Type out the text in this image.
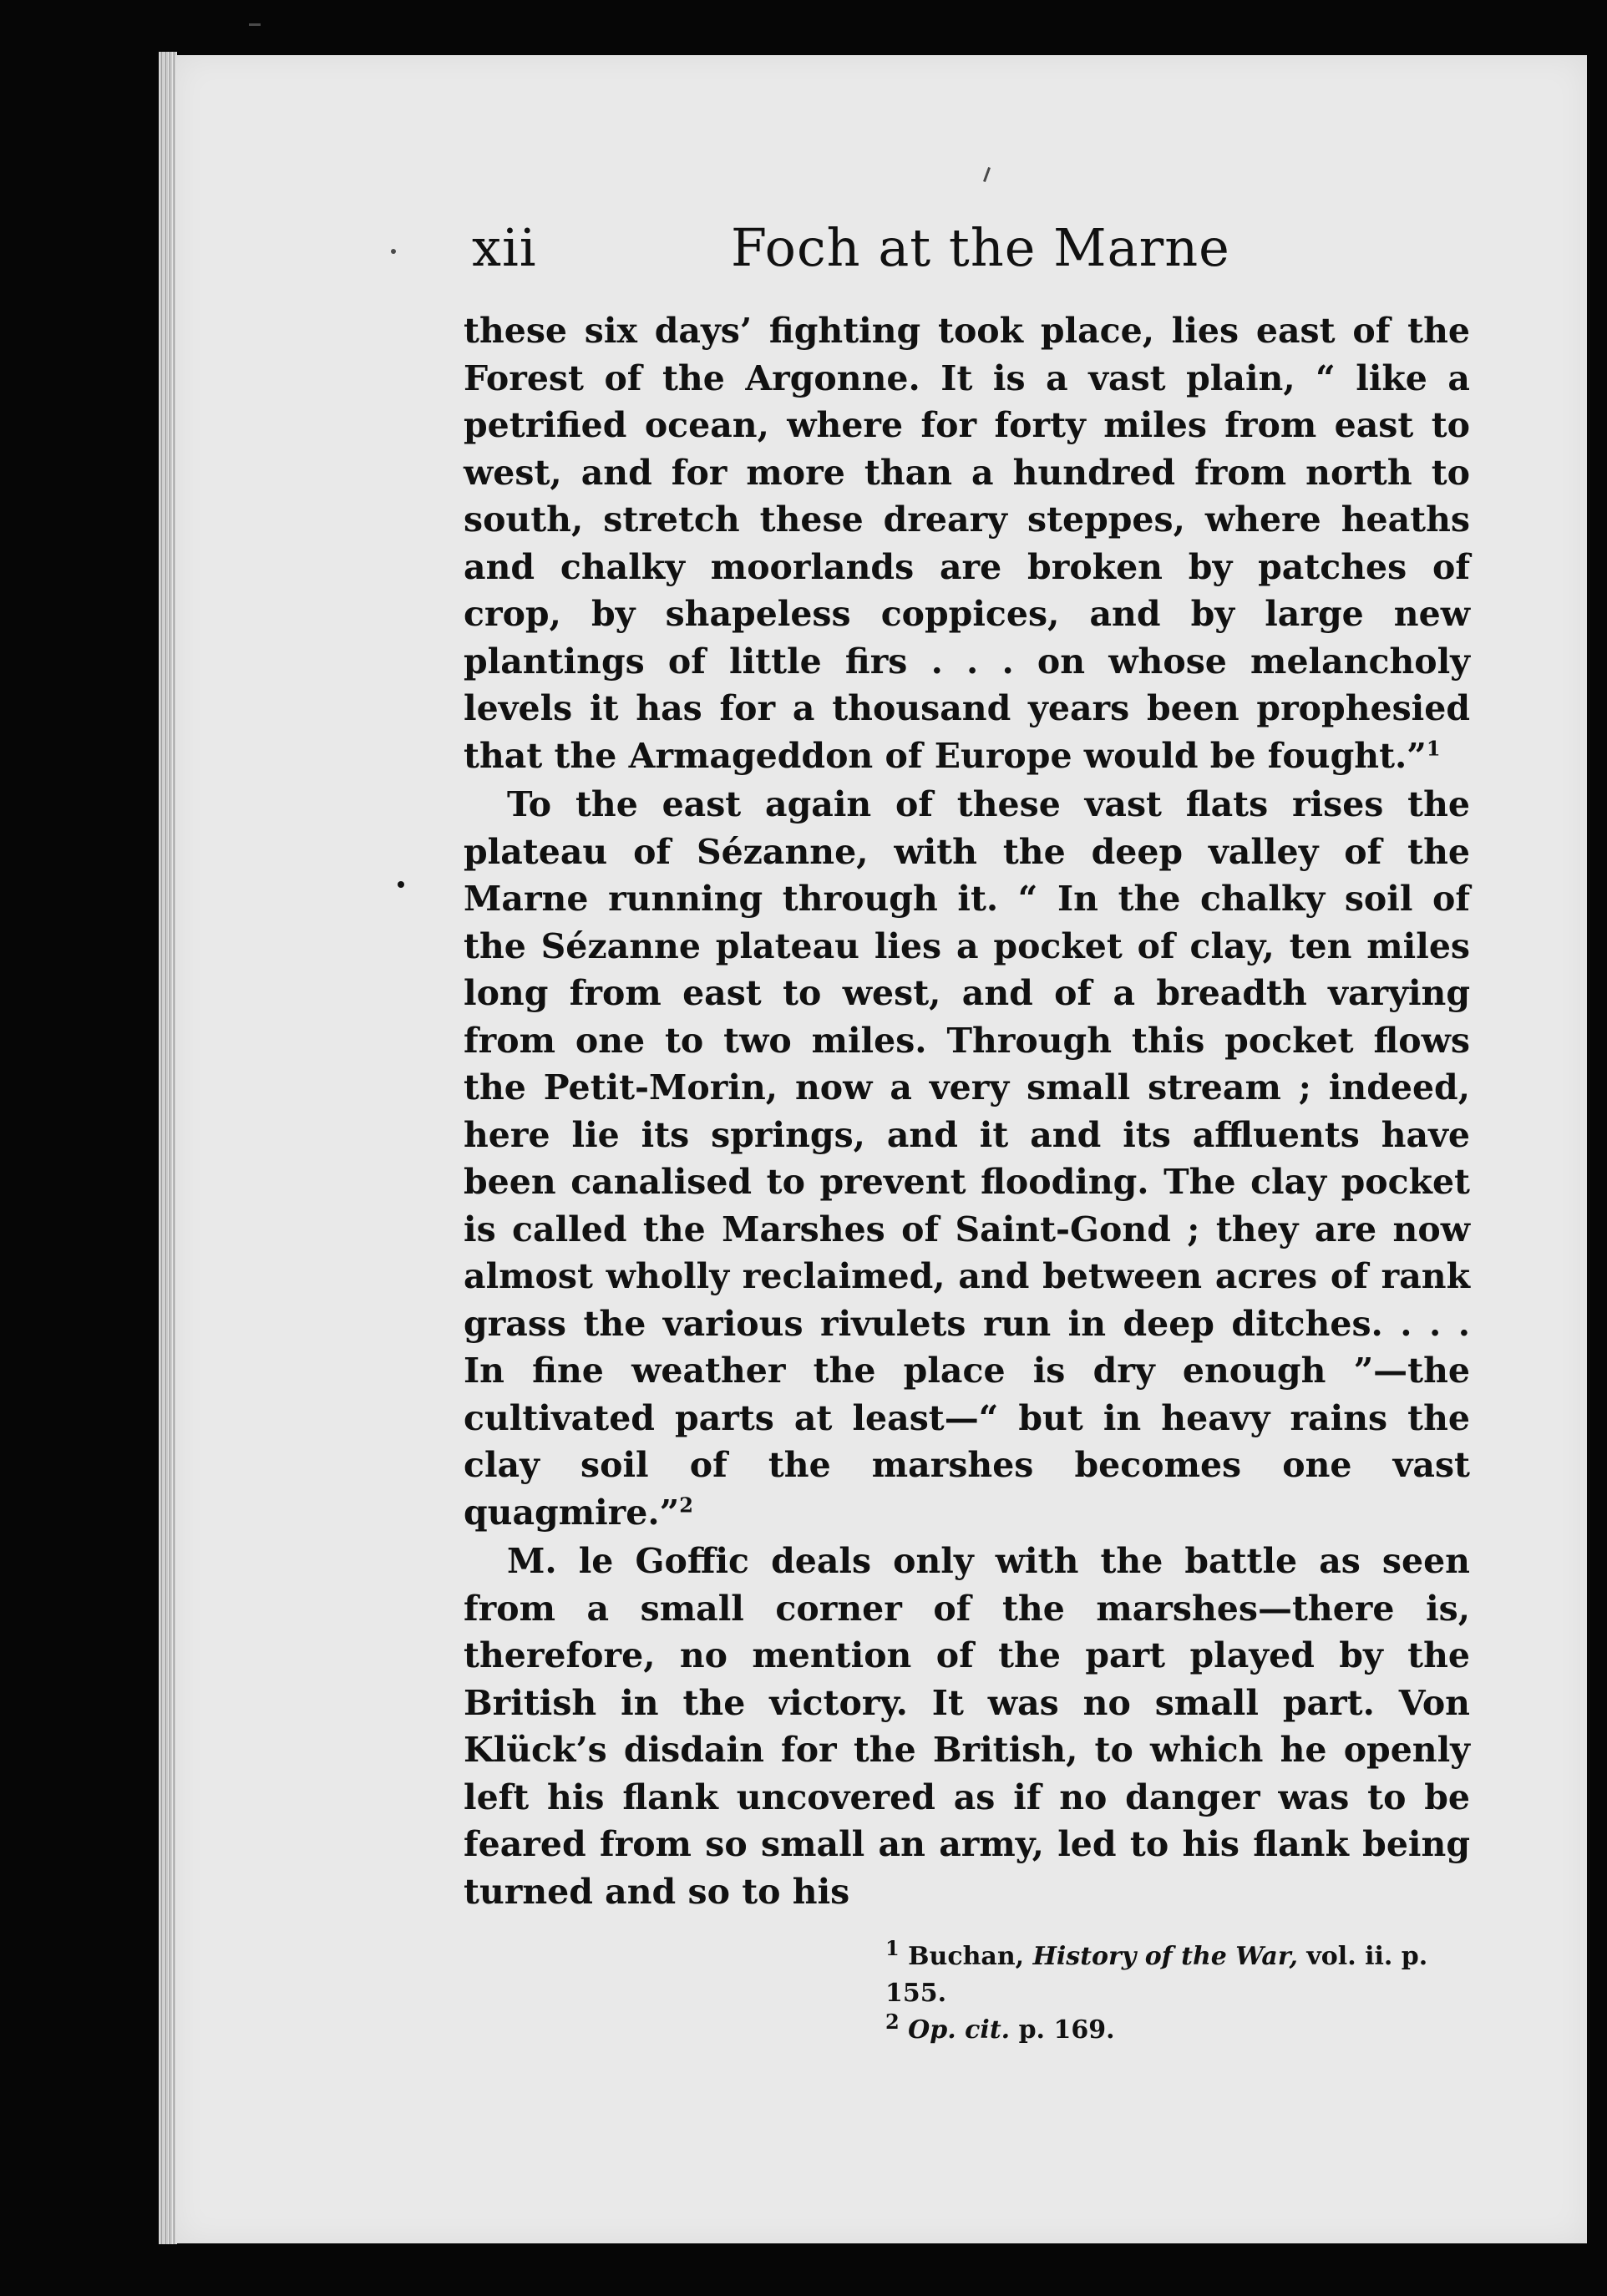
xii	Foch at the Marne

these six days’ fighting took place, lies east of the Forest of the Argonne. It is a vast plain, “ like a petrified ocean, where for forty miles from east to west, and for more than a hundred from north to south, stretch these dreary steppes, where heaths and chalky moorlands are broken by patches of crop, by shapeless coppices, and by large new plantings of little firs . . . on whose melancholy levels it has for a thousand years been prophesied that the Armageddon of Europe would be fought.”$^1$

To the east again of these vast flats rises the plateau of Sézanne, with the deep valley of the Marne running through it. “ In the chalky soil of the Sézanne plateau lies a pocket of clay, ten miles long from east to west, and of a breadth varying from one to two miles. Through this pocket flows the Petit-Morin, now a very small stream ; indeed, here lie its springs, and it and its affluents have been canalised to prevent flooding. The clay pocket is called the Marshes of Saint-Gond ; they are now almost wholly reclaimed, and between acres of rank grass the various rivulets run in deep ditches. . . . In fine weather the place is dry enough ”—the cultivated parts at least—“ but in heavy rains the clay soil of the marshes becomes one vast quagmire.”$^2$

M. le Goffic deals only with the battle as seen from a small corner of the marshes—there is, therefore, no mention of the part played by the British in the victory. It was no small part. Von Klück’s disdain for the British, to which he openly left his flank uncovered as if no danger was to be feared from so small an army, led to his flank being turned and so to his

$^1$ Buchan, History of the War, vol. ii. p. 155.
$^2$ Op. cit. p. 169.
